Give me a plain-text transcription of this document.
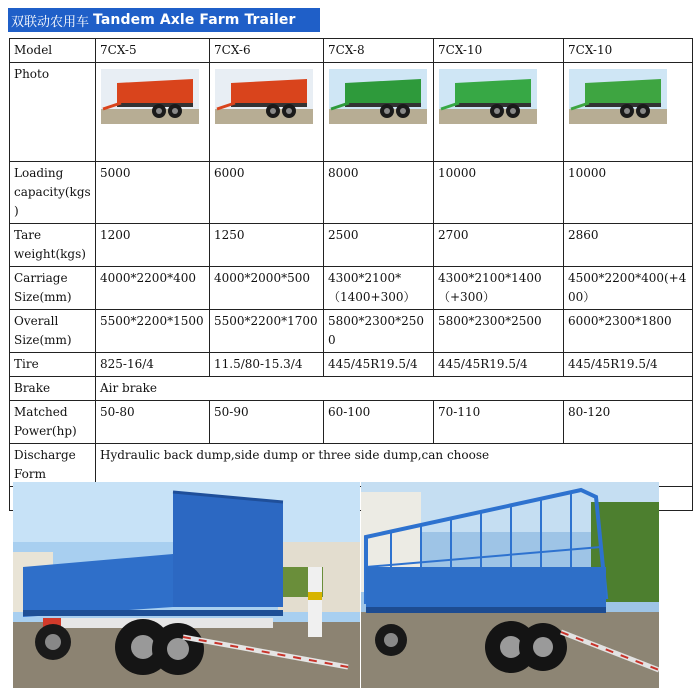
双联动农用车 Tandem Axle Farm Trailer
Model	7CX-5	7CX-6	7CX-8	7CX-10	7CX-10
Photo	

Loading capacity(kgs )	5000	6000	8000	10000	10000
Tare weight(kgs)	1200	1250	2500	2700	2860
Carriage Size(mm)	4000*2200*400	4000*2000*500	4300*2100*（1400+300）	4300*2100*1400（+300）	4500*2200*400(+400）
Overall Size(mm)	5500*2200*1500	5500*2200*1700	5800*2300*2500	5800*2300*2500	6000*2300*1800
Tire	825-16/4	11.5/80-15.3/4	445/45R19.5/4	445/45R19.5/4	445/45R19.5/4
Brake	Air brake				
Matched Power(hp)	50-80	50-90	60-100	70-110	80-120
Discharge Form	Hydraulic back dump,side dump or three side dump,can choose				
